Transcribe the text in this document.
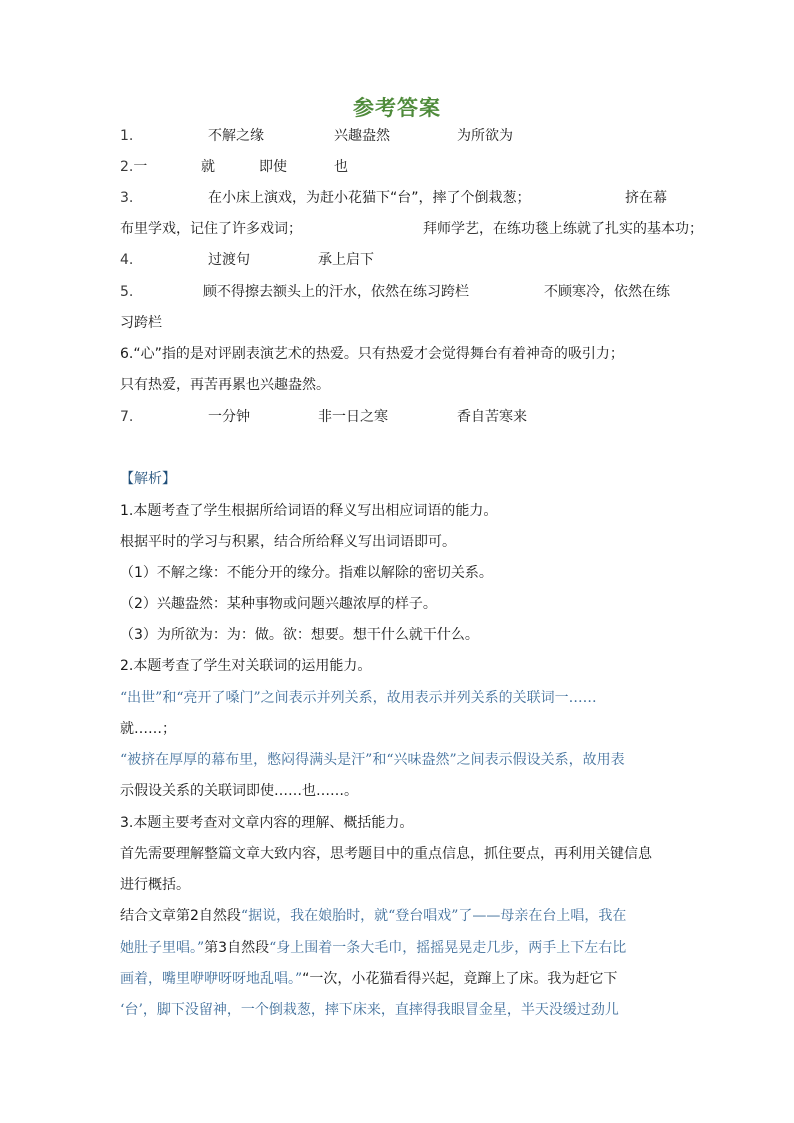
参考答案
1.	不解之缘	兴趣盎然	为所欲为
2.一	就	即使	也
3.	在小床上演戏，为赶小花猫下“台”，摔了个倒栽葱；	挤在幕
布里学戏，记住了许多戏词；	拜师学艺，在练功毯上练就了扎实的基本功；
4.	过渡句	承上启下
5.	顾不得擦去额头上的汗水，依然在练习跨栏	不顾寒冷，依然在练
习跨栏
6.“心”指的是对评剧表演艺术的热爱。只有热爱才会觉得舞台有着神奇的吸引力；
只有热爱，再苦再累也兴趣盎然。
7.	一分钟	非一日之寒	香自苦寒来
【解析】
1.本题考查了学生根据所给词语的释义写出相应词语的能力。
根据平时的学习与积累，结合所给释义写出词语即可。
（1）不解之缘：不能分开的缘分。指难以解除的密切关系。
（2）兴趣盎然：某种事物或问题兴趣浓厚的样子。
（3）为所欲为：为：做。欲：想要。想干什么就干什么。
2.本题考查了学生对关联词的运用能力。
“出世”和“亮开了嗓门”之间表示并列关系，故用表示并列关系的关联词一……
就……；
“被挤在厚厚的幕布里，憋闷得满头是汗”和“兴味盎然”之间表示假设关系，故用表
示假设关系的关联词即使……也……。
3.本题主要考查对文章内容的理解、概括能力。
首先需要理解整篇文章大致内容，思考题目中的重点信息，抓住要点，再利用关键信息
进行概括。
结合文章第2自然段“据说，我在娘胎时，就“登台唱戏”了——母亲在台上唱，我在
她肚子里唱。”第3自然段“身上围着一条大毛巾，摇摇晃晃走几步，两手上下左右比
画着，嘴里咿咿呀呀地乱唱。”“一次，小花猫看得兴起，竟蹿上了床。我为赶它下
‘台’，脚下没留神，一个倒栽葱，摔下床来，直摔得我眼冒金星，半天没缓过劲儿
